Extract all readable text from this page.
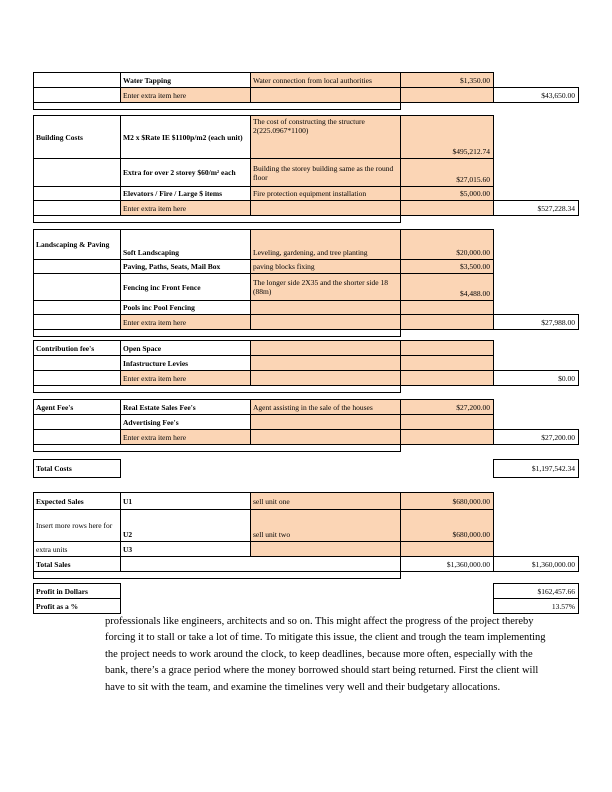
	Water Tapping	Water connection from local authorities	$1,350.00	
	Enter extra item here			$43,650.00

Building Costs	M2 x $Rate IE $1100p/m2 (each unit)	The cost of constructing the structure 2(225.0967*1100)	$495,212.74	
	Extra for over 2 storey $60/m² each	Building the storey building same as the round floor	$27,015.60	
	Elevators / Fire / Large $ items	Fire protection equipment installation	$5,000.00	
	Enter extra item here			$527,228.34

Landscaping & Paving	Soft Landscaping	Leveling, gardening, and tree planting	$20,000.00	
	Paving, Paths, Seats, Mail Box	paving blocks fixing	$3,500.00	
	Fencing inc Front Fence	The longer side 2X35 and the shorter side 18 (88m)	$4,488.00	
	Pools inc Pool Fencing			
	Enter extra item here			$27,988.00

Contribution fee's	Open Space			
	Infastructure Levies			
	Enter extra item here			$0.00

Agent Fee's	Real Estate Sales Fee's	Agent assisting in the sale of the houses	$27,200.00	
	Advertising Fee's			
	Enter extra item here			$27,200.00

Total Costs		$1,197,542.34
Expected Sales	U1	sell unit one	$680,000.00	
Insert more rows here for	U2	sell unit two	$680,000.00	
extra units	U3			
Total Sales			$1,360,000.00	$1,360,000.00

Profit in Dollars		$162,457.66
Profit as a %		13.57%
professionals like engineers, architects and so on. This might affect the progress of the project thereby forcing it to stall or take a lot of time. To mitigate this issue, the client and trough the team implementing the project needs to work around the clock, to keep deadlines, because more often, especially with the bank, there’s a grace period where the money borrowed should start being returned. First the client will have to sit with the team, and examine the timelines very well and their budgetary allocations.
